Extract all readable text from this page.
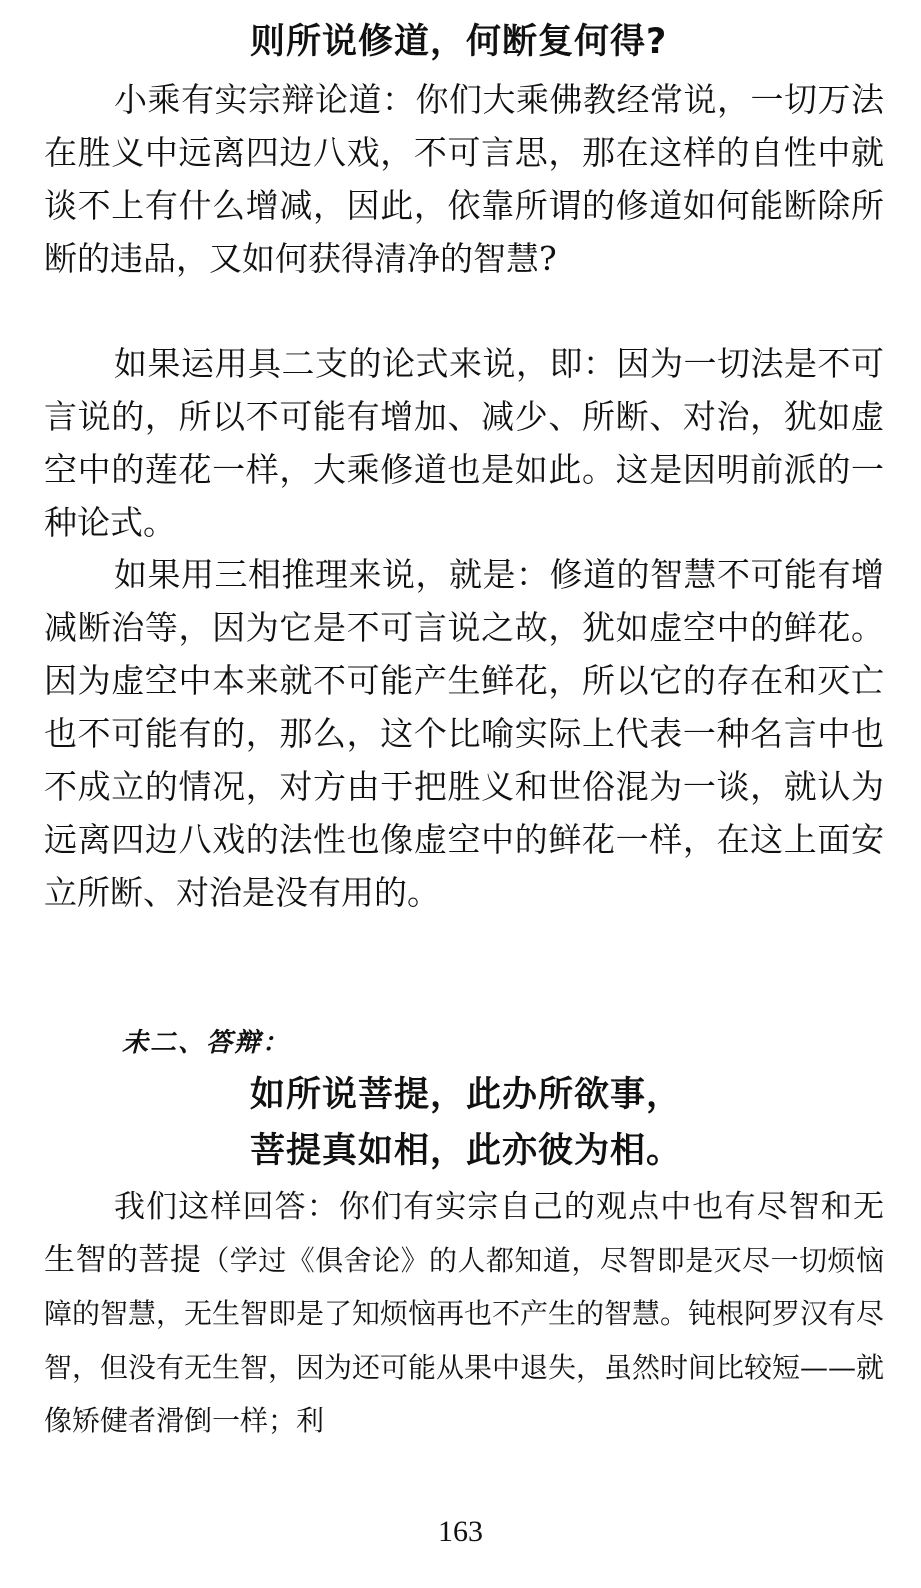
则所说修道，何断复何得?

小乘有实宗辩论道：你们大乘佛教经常说，一切万法在胜义中远离四边八戏，不可言思，那在这样的自性中就谈不上有什么增减，因此，依靠所谓的修道如何能断除所断的违品，又如何获得清净的智慧?

如果运用具二支的论式来说，即：因为一切法是不可言说的，所以不可能有增加、减少、所断、对治，犹如虚空中的莲花一样，大乘修道也是如此。这是因明前派的一种论式。

如果用三相推理来说，就是：修道的智慧不可能有增减断治等，因为它是不可言说之故，犹如虚空中的鲜花。因为虚空中本来就不可能产生鲜花，所以它的存在和灭亡也不可能有的，那么，这个比喻实际上代表一种名言中也不成立的情况，对方由于把胜义和世俗混为一谈，就认为远离四边八戏的法性也像虚空中的鲜花一样，在这上面安立所断、对治是没有用的。

未二、答辩：

如所说菩提，此办所欲事，

菩提真如相，此亦彼为相。

我们这样回答：你们有实宗自己的观点中也有尽智和无生智的菩提（学过《俱舍论》的人都知道，尽智即是灭尽一切烦恼障的智慧，无生智即是了知烦恼再也不产生的智慧。钝根阿罗汉有尽智，但没有无生智，因为还可能从果中退失，虽然时间比较短——就像矫健者滑倒一样；利

163
